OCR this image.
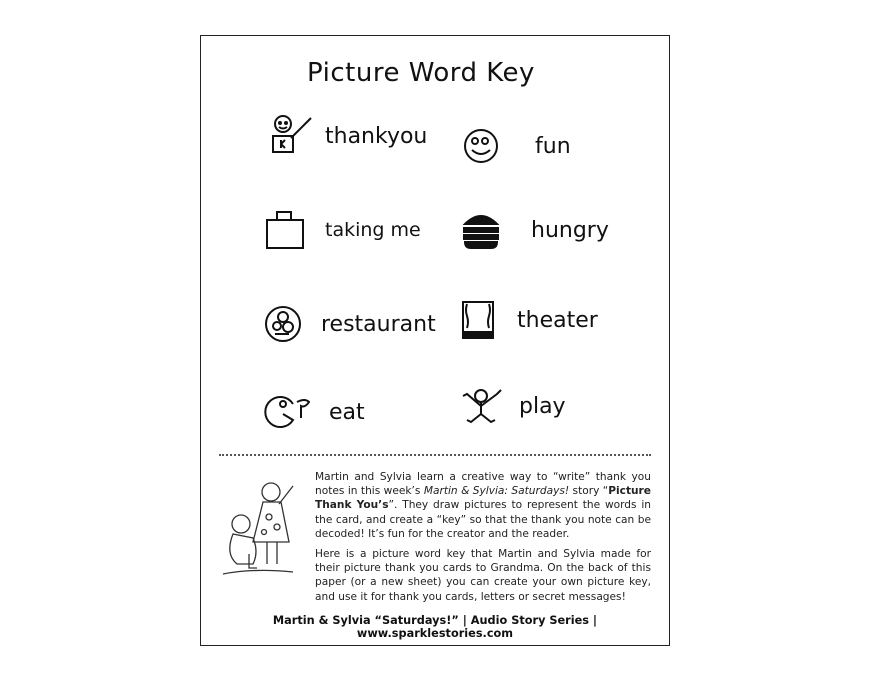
Picture Word Key
thankyou	fun
taking me	hungry
restaurant	theater
eat	play

Martin and Sylvia learn a creative way to “write” thank you notes in this week’s Martin & Sylvia: Saturdays! story “Picture Thank You’s”. They draw pictures to represent the words in the card, and create a “key” so that the thank you note can be decoded! It’s fun for the creator and the reader.

Here is a picture word key that Martin and Sylvia made for their picture thank you cards to Grandma. On the back of this paper (or a new sheet) you can create your own picture key, and use it for thank you cards, letters or secret messages!

Martin & Sylvia “Saturdays!” | Audio Story Series | www.sparklestories.com
